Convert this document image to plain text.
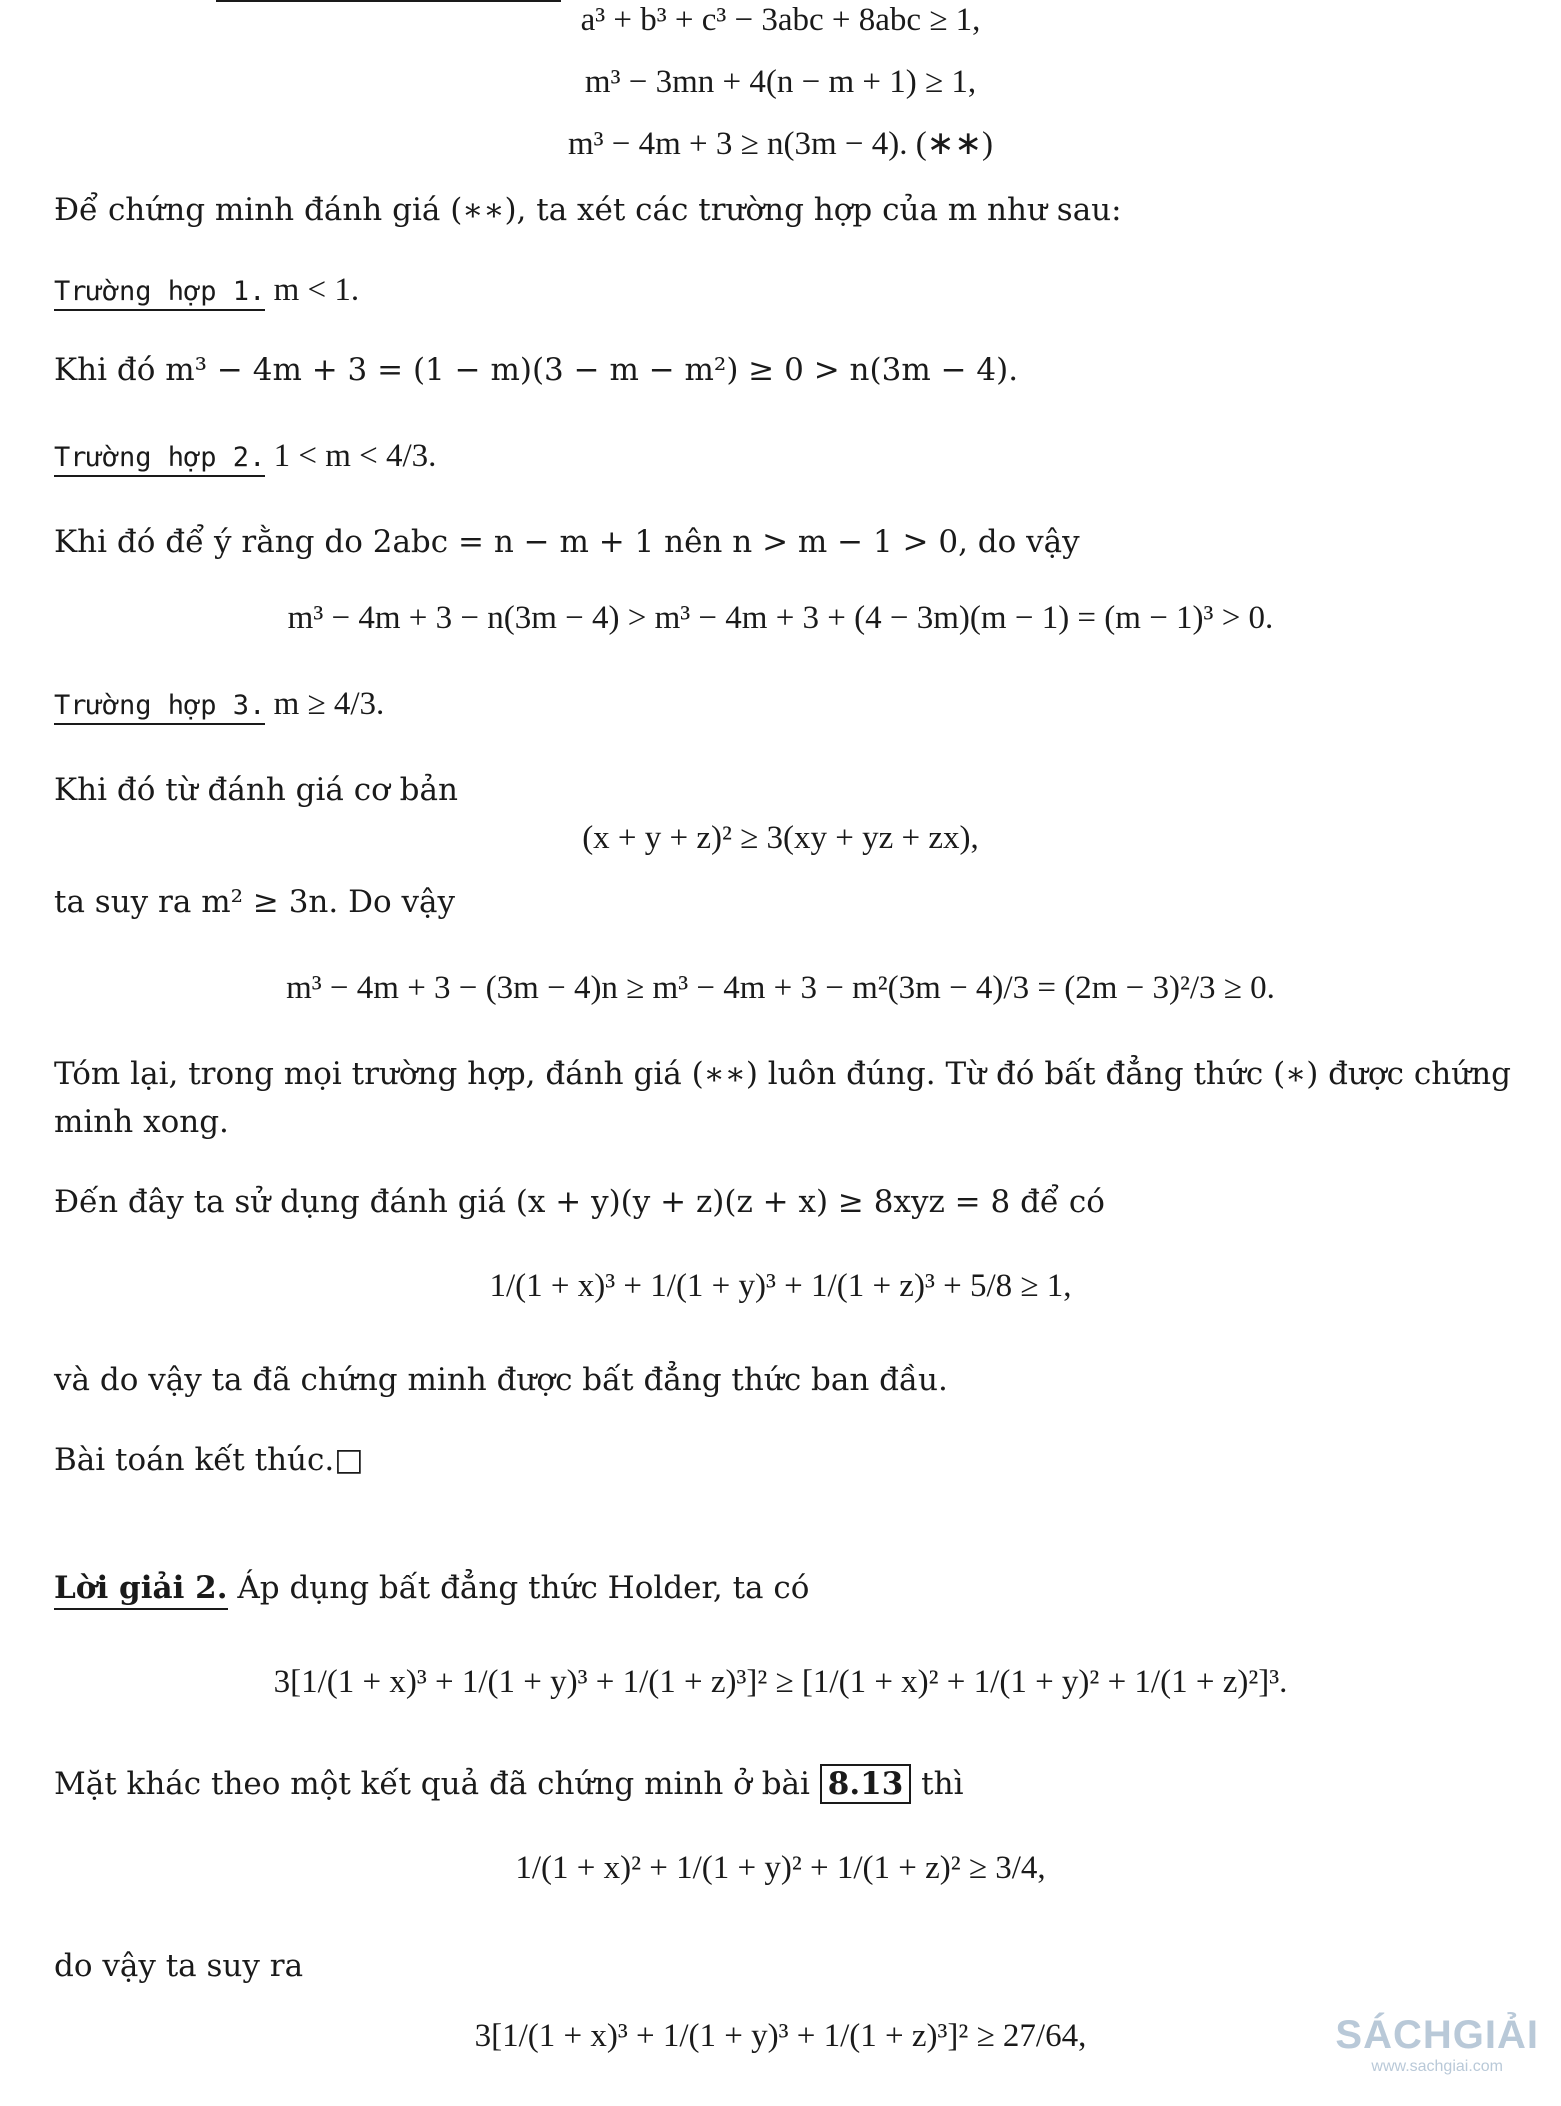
a³ + b³ + c³ − 3abc + 8abc ≥ 1,
m³ − 3mn + 4(n − m + 1) ≥ 1,
m³ − 4m + 3 ≥ n(3m − 4). (∗∗)
Để chứng minh đánh giá (∗∗), ta xét các trường hợp của m như sau:
Trường hợp 1. m < 1.
Khi đó m³ − 4m + 3 = (1 − m)(3 − m − m²) ≥ 0 > n(3m − 4).
Trường hợp 2. 1 < m < 4/3.
Khi đó để ý rằng do 2abc = n − m + 1 nên n > m − 1 > 0, do vậy
m³ − 4m + 3 − n(3m − 4) > m³ − 4m + 3 + (4 − 3m)(m − 1) = (m − 1)³ > 0.
Trường hợp 3. m ≥ 4/3.
Khi đó từ đánh giá cơ bản
(x + y + z)² ≥ 3(xy + yz + zx),
ta suy ra m² ≥ 3n. Do vậy
m³ − 4m + 3 − (3m − 4)n ≥ m³ − 4m + 3 − m²(3m − 4)/3 = (2m − 3)²/3 ≥ 0.
Tóm lại, trong mọi trường hợp, đánh giá (∗∗) luôn đúng. Từ đó bất đẳng thức (∗) được chứng
minh xong.
Đến đây ta sử dụng đánh giá (x + y)(y + z)(z + x) ≥ 8xyz = 8 để có
1/(1 + x)³ + 1/(1 + y)³ + 1/(1 + z)³ + 5/8 ≥ 1,
và do vậy ta đã chứng minh được bất đẳng thức ban đầu.
Bài toán kết thúc.□
Lời giải 2. Áp dụng bất đẳng thức Holder, ta có
3[1/(1 + x)³ + 1/(1 + y)³ + 1/(1 + z)³]² ≥ [1/(1 + x)² + 1/(1 + y)² + 1/(1 + z)²]³.
Mặt khác theo một kết quả đã chứng minh ở bài 8.13 thì
1/(1 + x)² + 1/(1 + y)² + 1/(1 + z)² ≥ 3/4,
do vậy ta suy ra
3[1/(1 + x)³ + 1/(1 + y)³ + 1/(1 + z)³]² ≥ 27/64,	SÁCHGIẢI
www.sachgiai.com
